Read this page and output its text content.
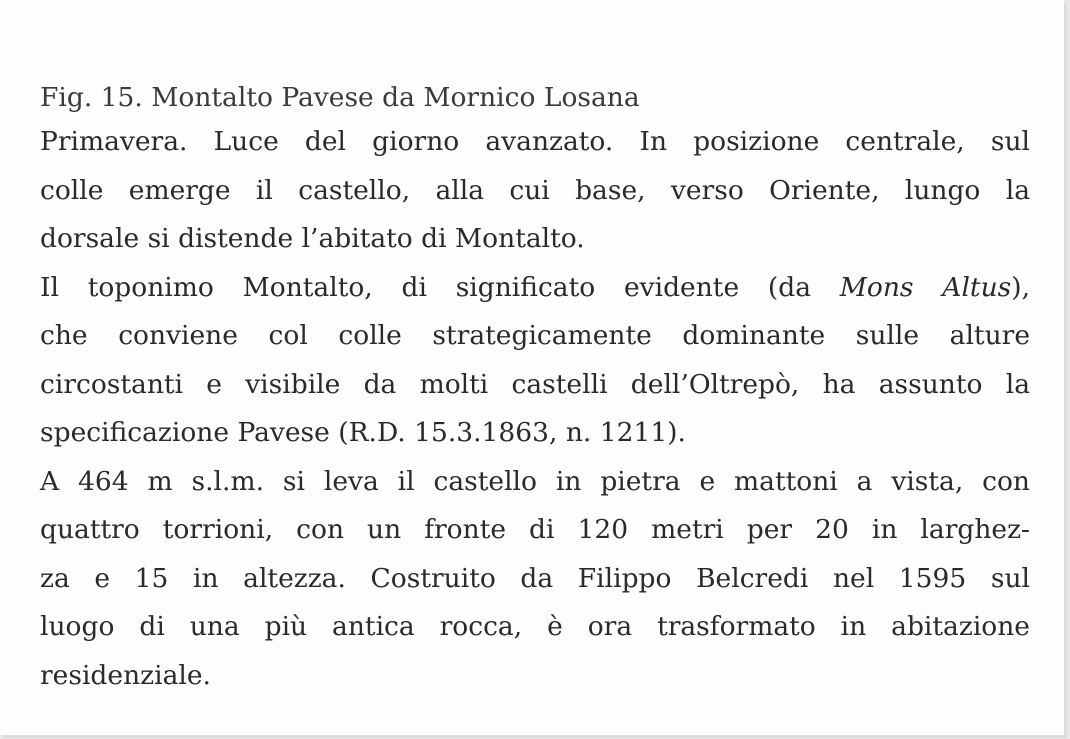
Fig. 15. Montalto Pavese da Mornico Losana

Primavera. Luce del giorno avanzato. In posizione centrale, sul
colle emerge il castello, alla cui base, verso Oriente, lungo la
dorsale si distende l’abitato di Montalto.

Il toponimo Montalto, di significato evidente (da Mons Altus),
che conviene col colle strategicamente dominante sulle alture
circostanti e visibile da molti castelli dell’Oltrepò, ha assunto la
specificazione Pavese (R.D. 15.3.1863, n. 1211).

A 464 m s.l.m. si leva il castello in pietra e mattoni a vista, con
quattro torrioni, con un fronte di 120 metri per 20 in larghez-
za e 15 in altezza. Costruito da Filippo Belcredi nel 1595 sul
luogo di una più antica rocca, è ora trasformato in abitazione
residenziale.
